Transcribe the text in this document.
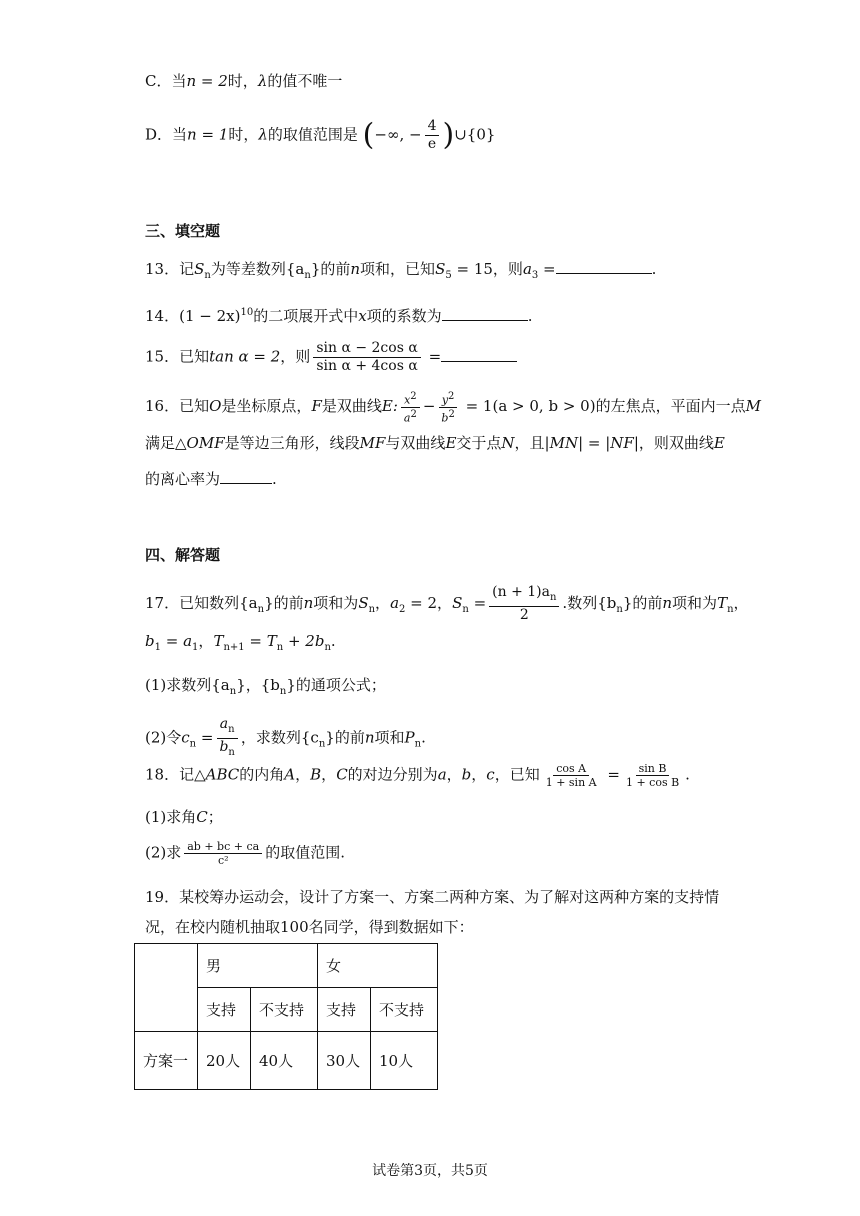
C．当n = 2时，λ的值不唯一
D．当n = 1时，λ的取值范围是 (−∞, − $\frac{4}{e}$ )∪{0}
三、填空题
13．记$S_n$为等差数列$\{a_n\}$的前n项和，已知$S_5 = 15$，则$a_3$ =	.
14．$(1 - 2x)^{10}$的二项展开式中x项的系数为	.
15．已知tan α = 2，则 $\frac{\text{sin α − 2cos α}}{\text{sin α + 4cos α}}$ =
16．已知O是坐标原点，F是双曲线E: $\frac{x^2}{a^2} - \frac{y^2}{b^2} = 1(a > 0$, b > 0)的左焦点，平面内一点M
满足△OMF是等边三角形，线段MF与双曲线E交于点N，且|MN| = |NF|，则双曲线E
的离心率为	.
四、解答题
17．已知数列$\{a_n\}$的前n项和为$S_n$，$a_2 = 2$，$S_n = \frac{(n + 1)a_n}{2}$ .数列$\{b_n\}$的前n项和为$T_n$，
$b_1 = a_1$，$T_{n+1} = T_n + 2b_n$.
(1)求数列$\{a_n\}$，$\{b_n\}$的通项公式；
(2)令$c_n = \frac{a_n}{b_n}$ ，求数列$\{c_n\}$的前n项和$P_n$.
18．记△ABC的内角A，B，C的对边分别为a，b，c，已知 $\frac{\text{cos A}}{\text{1 + sin A}} = \frac{\text{sin B}}{\text{1 + cos B}}$ .
(1)求角C；
(2)求 $\frac{ab + bc + ca}{\text{c²}}$ 的取值范围.
19．某校筹办运动会，设计了方案一、方案二两种方案、为了解对这两种方案的支持情
况，在校内随机抽取100名同学，得到数据如下：
	男		女	
	支持	不支持	支持	不支持
方案一	20人	40人	30人	10人
试卷第3页，共5页
